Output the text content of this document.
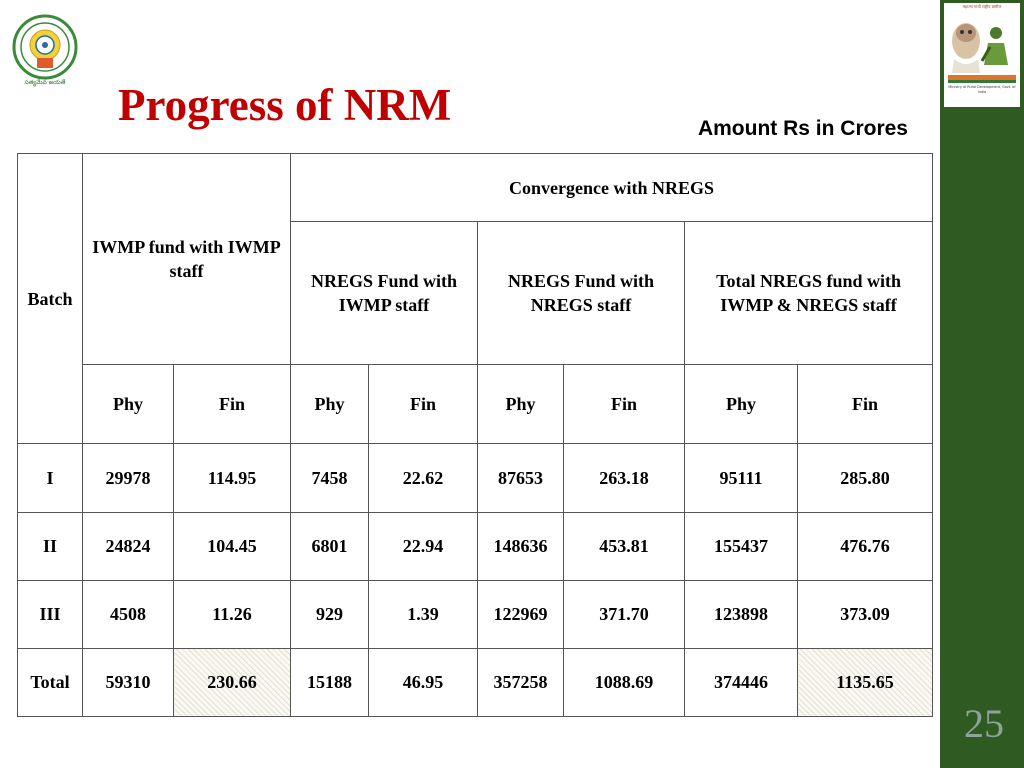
సత్యమేవ జయతే	Progress of NRM	Amount Rs in Crores
Batch	IWMP fund with IWMP staff		Convergence with NREGS					
			NREGS Fund with IWMP staff		NREGS Fund with NREGS staff		Total NREGS fund with IWMP & NREGS staff	
	Phy	Fin	Phy	Fin	Phy	Fin	Phy	Fin
I	29978	114.95	7458	22.62	87653	263.18	95111	285.80
II	24824	104.45	6801	22.94	148636	453.81	155437	476.76
III	4508	11.26	929	1.39	122969	371.70	123898	373.09
Total	59310	230.66	15188	46.95	357258	1088.69	374446	1135.65
महात्मा गांधी राष्ट्रीय ग्रामीण
Ministry of Rural Development, Govt. of India
25
